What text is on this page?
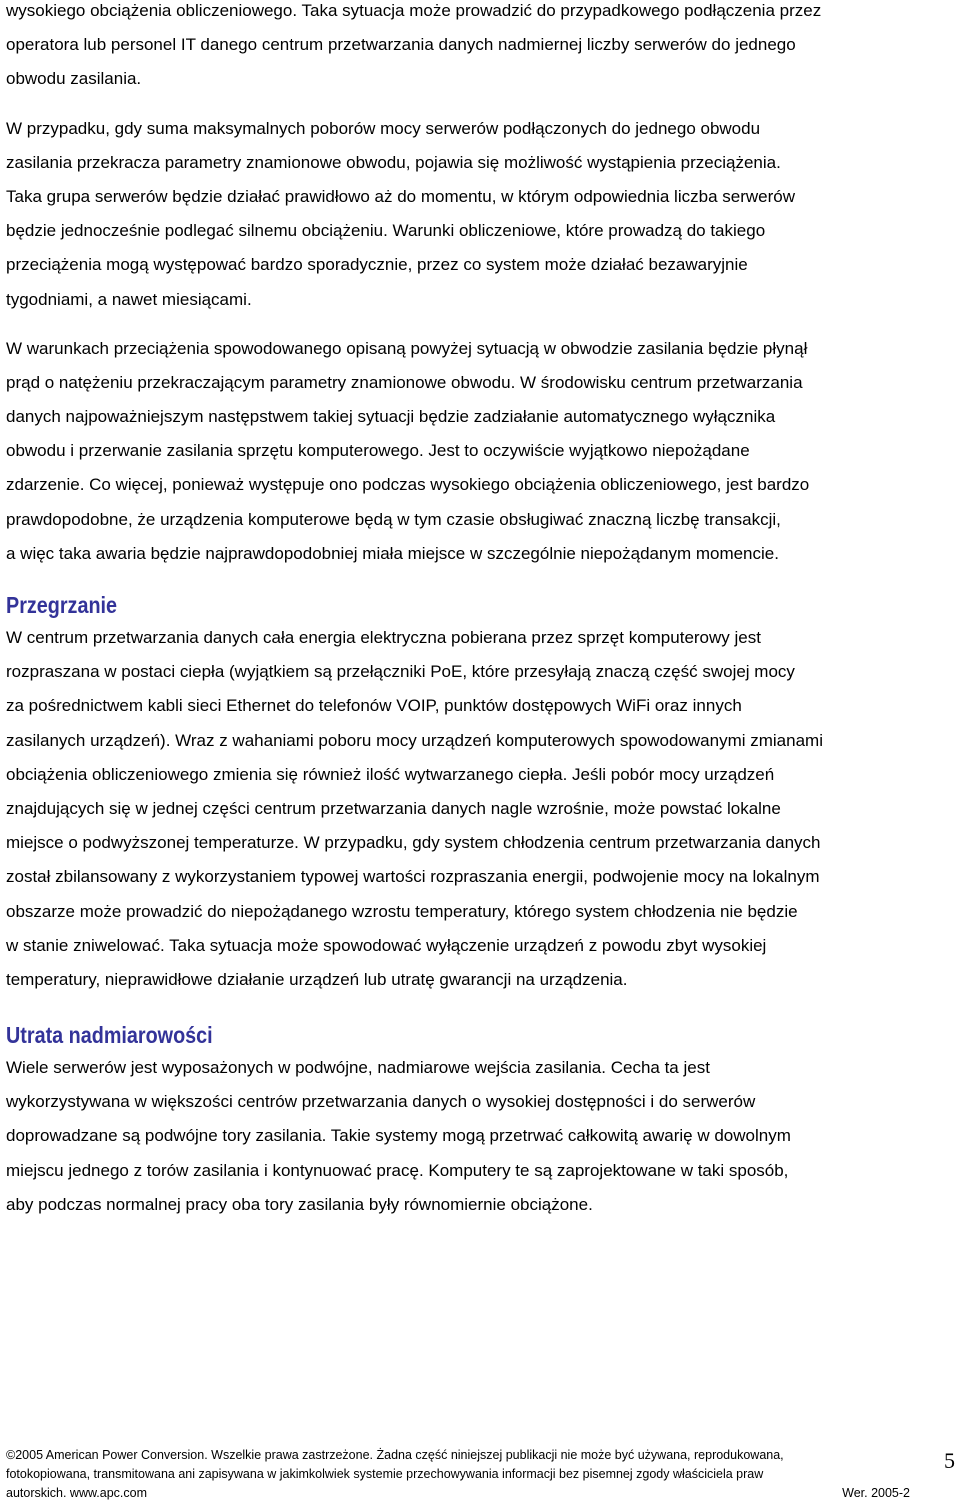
wysokiego obciążenia obliczeniowego. Taka sytuacja może prowadzić do przypadkowego podłączenia przez
operatora lub personel IT danego centrum przetwarzania danych nadmiernej liczby serwerów do jednego
obwodu zasilania.
W przypadku, gdy suma maksymalnych poborów mocy serwerów podłączonych do jednego obwodu
zasilania przekracza parametry znamionowe obwodu, pojawia się możliwość wystąpienia przeciążenia.
Taka grupa serwerów będzie działać prawidłowo aż do momentu, w którym odpowiednia liczba serwerów
będzie jednocześnie podlegać silnemu obciążeniu. Warunki obliczeniowe, które prowadzą do takiego
przeciążenia mogą występować bardzo sporadycznie, przez co system może działać bezawaryjnie
tygodniami, a nawet miesiącami.
W warunkach przeciążenia spowodowanego opisaną powyżej sytuacją w obwodzie zasilania będzie płynął
prąd o natężeniu przekraczającym parametry znamionowe obwodu. W środowisku centrum przetwarzania
danych najpoważniejszym następstwem takiej sytuacji będzie zadziałanie automatycznego wyłącznika
obwodu i przerwanie zasilania sprzętu komputerowego. Jest to oczywiście wyjątkowo niepożądane
zdarzenie. Co więcej, ponieważ występuje ono podczas wysokiego obciążenia obliczeniowego, jest bardzo
prawdopodobne, że urządzenia komputerowe będą w tym czasie obsługiwać znaczną liczbę transakcji,
a więc taka awaria będzie najprawdopodobniej miała miejsce w szczególnie niepożądanym momencie.
Przegrzanie
W centrum przetwarzania danych cała energia elektryczna pobierana przez sprzęt komputerowy jest
rozpraszana w postaci ciepła (wyjątkiem są przełączniki PoE, które przesyłają znaczą część swojej mocy
za pośrednictwem kabli sieci Ethernet do telefonów VOIP, punktów dostępowych WiFi oraz innych
zasilanych urządzeń). Wraz z wahaniami poboru mocy urządzeń komputerowych spowodowanymi zmianami
obciążenia obliczeniowego zmienia się również ilość wytwarzanego ciepła. Jeśli pobór mocy urządzeń
znajdujących się w jednej części centrum przetwarzania danych nagle wzrośnie, może powstać lokalne
miejsce o podwyższonej temperaturze. W przypadku, gdy system chłodzenia centrum przetwarzania danych
został zbilansowany z wykorzystaniem typowej wartości rozpraszania energii, podwojenie mocy na lokalnym
obszarze może prowadzić do niepożądanego wzrostu temperatury, którego system chłodzenia nie będzie
w stanie zniwelować. Taka sytuacja może spowodować wyłączenie urządzeń z powodu zbyt wysokiej
temperatury, nieprawidłowe działanie urządzeń lub utratę gwarancji na urządzenia.
Utrata nadmiarowości
Wiele serwerów jest wyposażonych w podwójne, nadmiarowe wejścia zasilania. Cecha ta jest
wykorzystywana w większości centrów przetwarzania danych o wysokiej dostępności i do serwerów
doprowadzane są podwójne tory zasilania. Takie systemy mogą przetrwać całkowitą awarię w dowolnym
miejscu jednego z torów zasilania i kontynuować pracę. Komputery te są zaprojektowane w taki sposób,
aby podczas normalnej pracy oba tory zasilania były równomiernie obciążone.
©2005 American Power Conversion. Wszelkie prawa zastrzeżone. Żadna część niniejszej publikacji nie może być używana, reprodukowana,
fotokopiowana, transmitowana ani zapisywana w jakimkolwiek systemie przechowywania informacji bez pisemnej zgody właściciela praw
autorskich. www.apc.com	Wer. 2005-2
5
